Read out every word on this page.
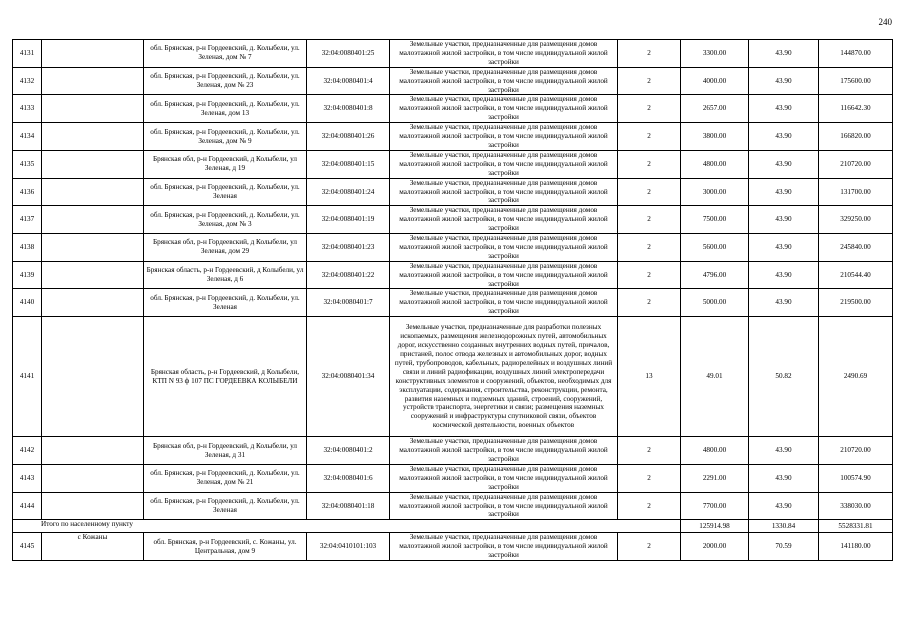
240
4131		обл. Брянская, р-н Гордеевский, д. Колыбели, ул. Зеленая, дом № 7	32:04:0080401:25	Земельные участки, предназначенные для размещения домов малоэтажной жилой застройки, в том числе индивидуальной жилой застройки	2	3300.00	43.90	144870.00
4132		обл. Брянская, р-н Гордеевский, д. Колыбели, ул. Зеленая, дом № 23	32:04:0080401:4	Земельные участки, предназначенные для размещения домов малоэтажной жилой застройки, в том числе индивидуальной жилой застройки	2	4000.00	43.90	175600.00
4133		обл. Брянская, р-н Гордеевский, д. Колыбели, ул. Зеленая, дом 13	32:04:0080401:8	Земельные участки, предназначенные для размещения домов малоэтажной жилой застройки, в том числе индивидуальной жилой застройки	2	2657.00	43.90	116642.30
4134		обл. Брянская, р-н Гордеевский, д. Колыбели, ул. Зеленая, дом № 9	32:04:0080401:26	Земельные участки, предназначенные для размещения домов малоэтажной жилой застройки, в том числе индивидуальной жилой застройки	2	3800.00	43.90	166820.00
4135		Брянская обл, р-н Гордеевский, д Колыбели, ул Зеленая, д 19	32:04:0080401:15	Земельные участки, предназначенные для размещения домов малоэтажной жилой застройки, в том числе индивидуальной жилой застройки	2	4800.00	43.90	210720.00
4136		обл. Брянская, р-н Гордеевский, д. Колыбели, ул. Зеленая	32:04:0080401:24	Земельные участки, предназначенные для размещения домов малоэтажной жилой застройки, в том числе индивидуальной жилой застройки	2	3000.00	43.90	131700.00
4137		обл. Брянская, р-н Гордеевский, д. Колыбели, ул. Зеленая, дом № 3	32:04:0080401:19	Земельные участки, предназначенные для размещения домов малоэтажной жилой застройки, в том числе индивидуальной жилой застройки	2	7500.00	43.90	329250.00
4138		Брянская обл, р-н Гордеевский, д Колыбели, ул Зеленая, дом 29	32:04:0080401:23	Земельные участки, предназначенные для размещения домов малоэтажной жилой застройки, в том числе индивидуальной жилой застройки	2	5600.00	43.90	245840.00
4139		Брянская область, р-н Гордеевский, д Колыбели, ул Зеленая, д 6	32:04:0080401:22	Земельные участки, предназначенные для размещения домов малоэтажной жилой застройки, в том числе индивидуальной жилой застройки	2	4796.00	43.90	210544.40
4140		обл. Брянская, р-н Гордеевский, д. Колыбели, ул. Зеленая	32:04:0080401:7	Земельные участки, предназначенные для размещения домов малоэтажной жилой застройки, в том числе индивидуальной жилой застройки	2	5000.00	43.90	219500.00
4141		Брянская область, р-н Гордеевский, д Колыбели, КТП N 93 ф 107 ПС ГОРДЕЕВКА КОЛЫБЕЛИ	32:04:0080401:34	Земельные участки, предназначенные для разработки полезных ископаемых, размещения железнодорожных путей, автомобильных дорог, искусственно созданных внутренних водных путей, причалов, пристаней, полос отвода железных и автомобильных дорог, водных путей, трубопроводов, кабельных, радиорелейных и воздушных линий связи и линий радиофикации, воздушных линий электропередачи конструктивных элементов и сооружений, объектов, необходимых для эксплуатации, содержания, строительства, реконструкции, ремонта, развития наземных и подземных зданий, строений, сооружений, устройств транспорта, энергетики и связи; размещения наземных сооружений и инфраструктуры спутниковой связи, объектов космической деятельности, военных объектов	13	49.01	50.82	2490.69
4142		Брянская обл, р-н Гордеевский, д Колыбели, ул Зеленая, д 31	32:04:0080401:2	Земельные участки, предназначенные для размещения домов малоэтажной жилой застройки, в том числе индивидуальной жилой застройки	2	4800.00	43.90	210720.00
4143		обл. Брянская, р-н Гордеевский, д. Колыбели, ул. Зеленая, дом № 21	32:04:0080401:6	Земельные участки, предназначенные для размещения домов малоэтажной жилой застройки, в том числе индивидуальной жилой застройки	2	2291.00	43.90	100574.90
4144		обл. Брянская, р-н Гордеевский, д. Колыбели, ул. Зеленая	32:04:0080401:18	Земельные участки, предназначенные для размещения домов малоэтажной жилой застройки, в том числе индивидуальной жилой застройки	2	7700.00	43.90	338030.00
Итого по населенному пункту						125914.98	1330.84	5528331.81
4145	с Кожаны	обл. Брянская, р-н Гордеевский, с. Кожаны, ул. Центральная, дом 9	32:04:0410101:103	Земельные участки, предназначенные для размещения домов малоэтажной жилой застройки, в том числе индивидуальной жилой застройки	2	2000.00	70.59	141180.00
